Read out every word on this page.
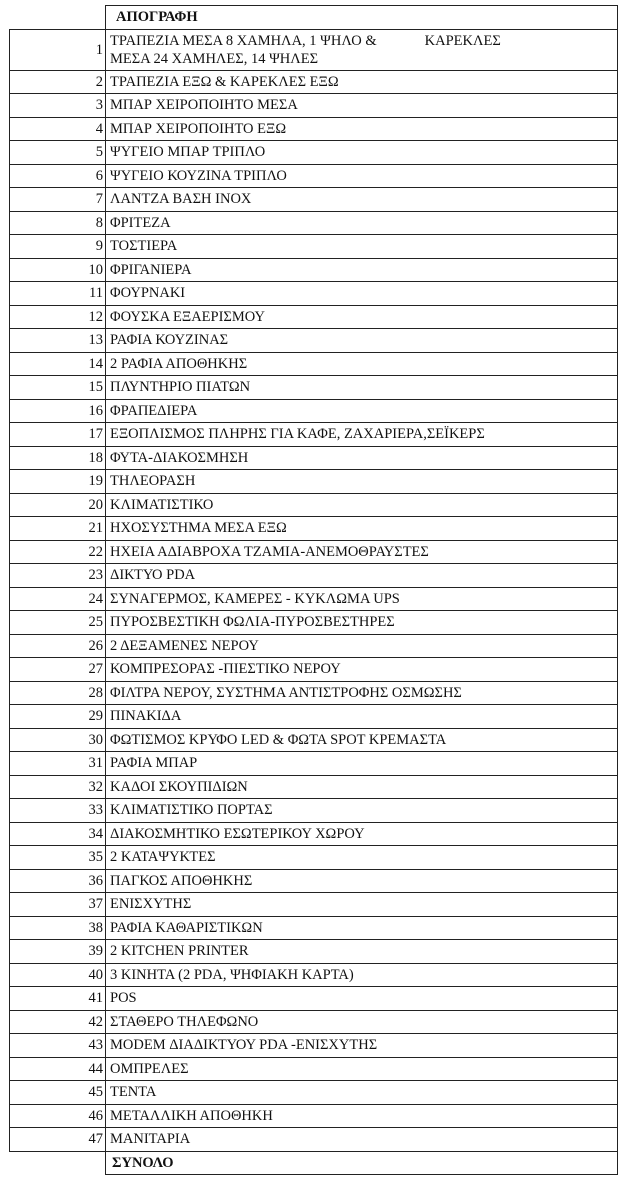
	ΑΠΟΓΡΑΦΗ
1	ΤΡΑΠΕΖΙΑ ΜΕΣΑ 8 ΧΑΜΗΛΑ, 1 ΨΗΛΟ & ΚΑΡΕΚΛΕΣ
ΜΕΣΑ 24 ΧΑΜΗΛΕΣ, 14 ΨΗΛΕΣ

2	ΤΡΑΠΕΖΙΑ ΕΞΩ & ΚΑΡΕΚΛΕΣ ΕΞΩ
3	ΜΠΑΡ ΧΕΙΡΟΠΟΙΗΤΟ ΜΕΣΑ
4	ΜΠΑΡ ΧΕΙΡΟΠΟΙΗΤΟ ΕΞΩ
5	ΨΥΓΕΙΟ ΜΠΑΡ ΤΡΙΠΛΟ
6	ΨΥΓΕΙΟ ΚΟΥΖΙΝΑ ΤΡΙΠΛΟ
7	ΛΑΝΤΖΑ ΒΑΣΗ ΙΝΟΧ
8	ΦΡΙΤΕΖΑ
9	ΤΟΣΤΙΕΡΑ
10	ΦΡΙΓΑΝΙΕΡΑ
11	ΦΟΥΡΝΑΚΙ
12	ΦΟΥΣΚΑ ΕΞΑΕΡΙΣΜΟΥ
13	ΡΑΦΙΑ ΚΟΥΖΙΝΑΣ
14	2 ΡΑΦΙΑ ΑΠΟΘΗΚΗΣ
15	ΠΛΥΝΤΗΡΙΟ ΠΙΑΤΩΝ
16	ΦΡΑΠΕΔΙΕΡΑ
17	ΕΞΟΠΛΙΣΜΟΣ ΠΛΗΡΗΣ ΓΙΑ ΚΑΦΕ, ΖΑΧΑΡΙΕΡΑ,ΣΕΪΚΕΡΣ
18	ΦΥΤΑ-ΔΙΑΚΟΣΜΗΣΗ
19	ΤΗΛΕΟΡΑΣΗ
20	ΚΛΙΜΑΤΙΣΤΙΚΟ
21	ΗΧΟΣΥΣΤΗΜΑ ΜΕΣΑ ΕΞΩ
22	ΗΧΕΙΑ ΑΔΙΑΒΡΟΧΑ ΤΖΑΜΙΑ-ΑΝΕΜΟΘΡΑΥΣΤΕΣ
23	ΔΙΚΤΥΟ PDA
24	ΣΥΝΑΓΕΡΜΟΣ, ΚΑΜΕΡΕΣ - ΚΥΚΛΩΜΑ UPS
25	ΠΥΡΟΣΒΕΣΤΙΚΗ ΦΩΛΙΑ-ΠΥΡΟΣΒΕΣΤΗΡΕΣ
26	2 ΔΕΞΑΜΕΝΕΣ ΝΕΡΟΥ
27	ΚΟΜΠΡΕΣΟΡΑΣ -ΠΙΕΣΤΙΚΟ ΝΕΡΟΥ
28	ΦΙΛΤΡΑ ΝΕΡΟΥ, ΣΥΣΤΗΜΑ ΑΝΤΙΣΤΡΟΦΗΣ ΟΣΜΩΣΗΣ
29	ΠΙΝΑΚΙΔΑ
30	ΦΩΤΙΣΜΟΣ ΚΡΥΦΟ LED & ΦΩΤΑ SPOT ΚΡΕΜΑΣΤΑ
31	ΡΑΦΙΑ ΜΠΑΡ
32	ΚΑΔΟΙ ΣΚΟΥΠΙΔΙΩΝ
33	ΚΛΙΜΑΤΙΣΤΙΚΟ ΠΟΡΤΑΣ
34	ΔΙΑΚΟΣΜΗΤΙΚΟ ΕΣΩΤΕΡΙΚΟΥ ΧΩΡΟΥ
35	2 ΚΑΤΑΨΥΚΤΕΣ
36	ΠΑΓΚΟΣ ΑΠΟΘΗΚΗΣ
37	ΕΝΙΣΧΥΤΗΣ
38	ΡΑΦΙΑ ΚΑΘΑΡΙΣΤΙΚΩΝ
39	2 KITCHEN PRINTER
40	3 ΚΙΝΗΤΑ (2 PDA, ΨΗΦΙΑΚΗ ΚΑΡΤΑ)
41	POS
42	ΣΤΑΘΕΡΟ ΤΗΛΕΦΩΝΟ
43	MODEM ΔΙΑΔΙΚΤΥΟΥ PDA -ΕΝΙΣΧΥΤΗΣ
44	ΟΜΠΡΕΛΕΣ
45	ΤΕΝΤΑ
46	ΜΕΤΑΛΛΙΚΗ ΑΠΟΘΗΚΗ
47	ΜΑΝΙΤΑΡΙΑ
	ΣΥΝΟΛΟ
